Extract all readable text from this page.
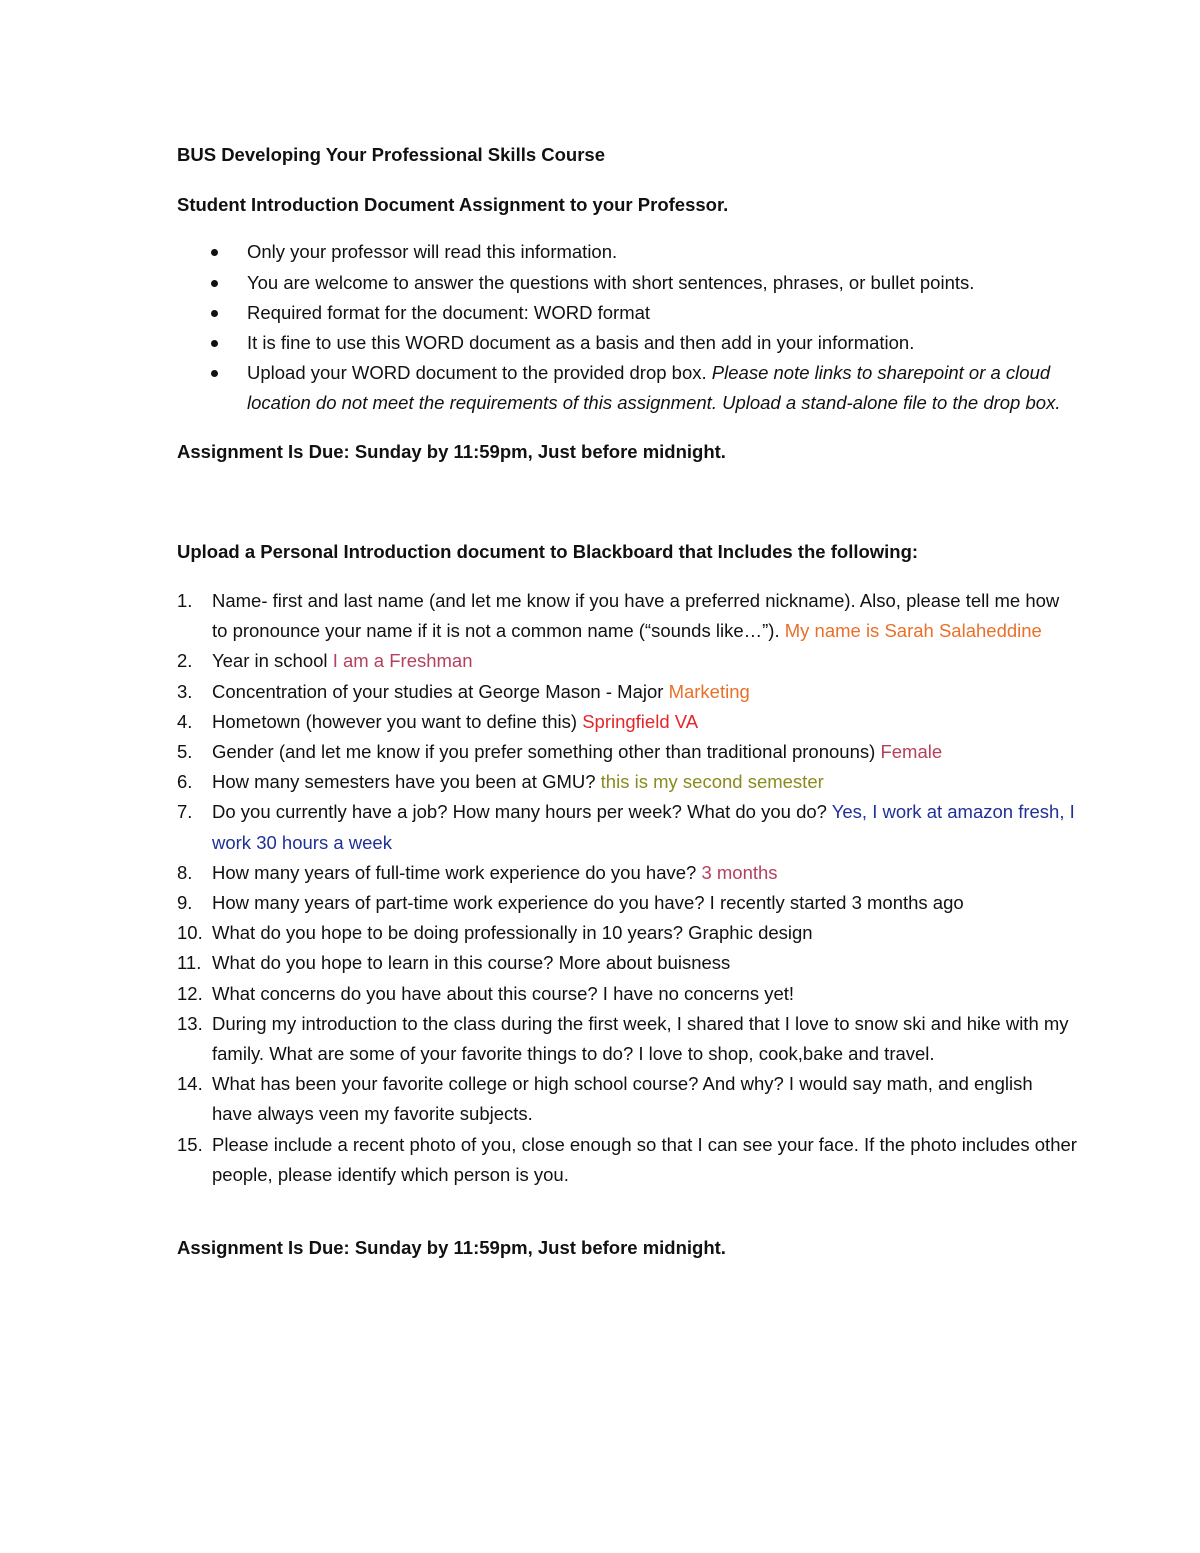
BUS Developing Your Professional Skills Course

Student Introduction Document Assignment to your Professor.

Only your professor will read this information.
You are welcome to answer the questions with short sentences, phrases, or bullet points.
Required format for the document: WORD format
It is fine to use this WORD document as a basis and then add in your information.
Upload your WORD document to the provided drop box. Please note links to sharepoint or a cloud location do not meet the requirements of this assignment. Upload a stand-alone file to the drop box.

Assignment Is Due: Sunday by 11:59pm, Just before midnight.

Upload a Personal Introduction document to Blackboard that Includes the following:

1. Name- first and last name (and let me know if you have a preferred nickname). Also, please tell me how to pronounce your name if it is not a common name (“sounds like…”). My name is Sarah Salaheddine
2. Year in school I am a Freshman
3. Concentration of your studies at George Mason - Major Marketing
4. Hometown (however you want to define this) Springfield VA
5. Gender (and let me know if you prefer something other than traditional pronouns) Female
6. How many semesters have you been at GMU? this is my second semester
7. Do you currently have a job? How many hours per week? What do you do? Yes, I work at amazon fresh, I work 30 hours a week
8. How many years of full-time work experience do you have? 3 months
9. How many years of part-time work experience do you have? I recently started 3 months ago
10. What do you hope to be doing professionally in 10 years? Graphic design
11. What do you hope to learn in this course? More about buisness
12. What concerns do you have about this course? I have no concerns yet!
13. During my introduction to the class during the first week, I shared that I love to snow ski and hike with my family. What are some of your favorite things to do? I love to shop, cook,bake and travel.
14. What has been your favorite college or high school course? And why? I would say math, and english have always veen my favorite subjects.
15. Please include a recent photo of you, close enough so that I can see your face. If the photo includes other people, please identify which person is you.

Assignment Is Due: Sunday by 11:59pm, Just before midnight.
